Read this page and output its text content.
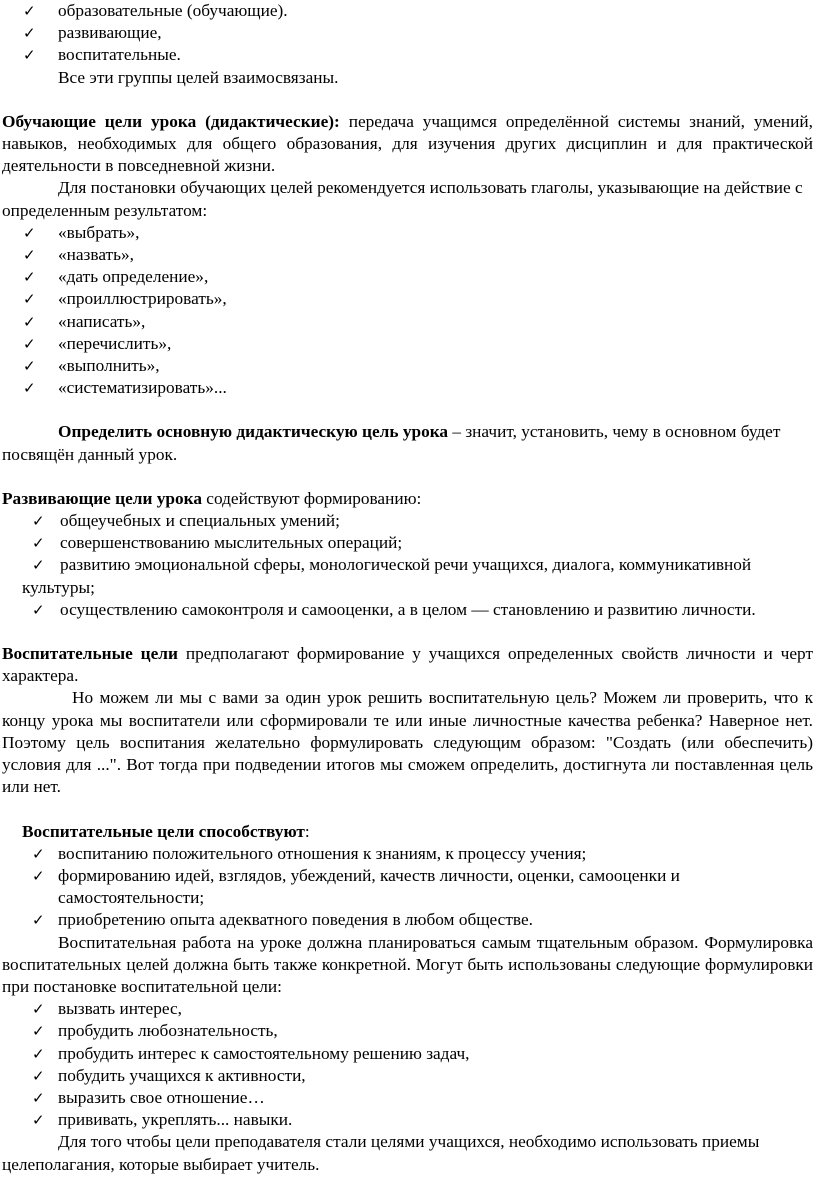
✓ образовательные (обучающие).
✓ развивающие,
✓ воспитательные.

Все эти группы целей взаимосвязаны.

Обучающие цели урока (дидактические): передача учащимся определённой системы знаний, умений, навыков, необходимых для общего образования, для изучения других дисциплин и для практической деятельности в повседневной жизни.

Для постановки обучающих целей рекомендуется использовать глаголы, указывающие на действие с определенным результатом:

✓ «выбрать»,
✓ «назвать»,
✓ «дать определение»,
✓ «проиллюстрировать»,
✓ «написать»,
✓ «перечислить»,
✓ «выполнить»,
✓ «систематизировать»...

Определить основную дидактическую цель урока – значит, установить, чему в основном будет посвящён данный урок.

Развивающие цели урока содействуют формированию:

✓ общеучебных и специальных умений;
✓ совершенствованию мыслительных операций;
✓ развитию эмоциональной сферы, монологической речи учащихся, диалога, коммуникативной культуры;
✓ осуществлению самоконтроля и самооценки, а в целом — становлению и развитию личности.

Воспитательные цели предполагают формирование у учащихся определенных свойств личности и черт характера.

Но можем ли мы с вами за один урок решить воспитательную цель? Можем ли проверить, что к концу урока мы воспитатели или сформировали те или иные личностные качества ребенка? Наверное нет. Поэтому цель воспитания желательно формулировать следующим образом: "Создать (или обеспечить) условия для ...". Вот тогда при подведении итогов мы сможем определить, достигнута ли поставленная цель или нет.

Воспитательные цели способствуют:

✓ воспитанию положительного отношения к знаниям, к процессу учения;
✓ формированию идей, взглядов, убеждений, качеств личности, оценки, самооценки и самостоятельности;
✓ приобретению опыта адекватного поведения в любом обществе.

Воспитательная работа на уроке должна планироваться самым тщательным образом. Формулировка воспитательных целей должна быть также конкретной. Могут быть использованы следующие формулировки при постановке воспитательной цели:

✓ вызвать интерес,
✓ пробудить любознательность,
✓ пробудить интерес к самостоятельному решению задач,
✓ побудить учащихся к активности,
✓ выразить свое отношение…
✓ прививать, укреплять... навыки.

Для того чтобы цели преподавателя стали целями учащихся, необходимо использовать приемы целеполагания, которые выбирает учитель.
